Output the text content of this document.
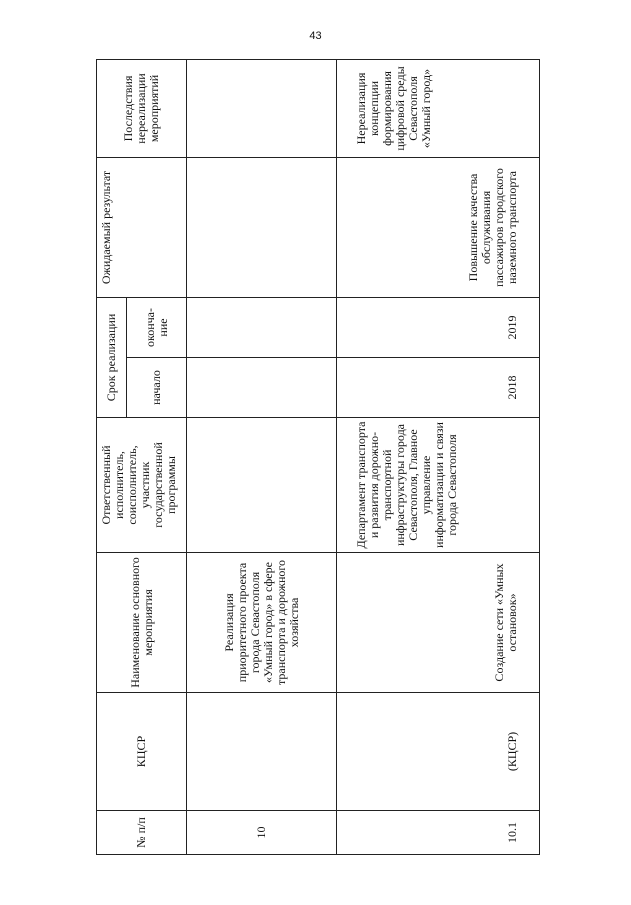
43
№ п/п	КЦСР	Наименование основного мероприятия	Ответственный исполнитель, соисполнитель, участник государственной программы	Срок реализации		Ожидаемый результат	Последствия нереализации мероприятий
				начало	оконча-ние		
10		Реализация приоритетного проекта города Севастополя «Умный город» в сфере транспорта и дорожного хозяйства					
10.1	(КЦСР)	Создание сети «Умных остановок»	Департамент транспорта и развития дорожно-транспортной инфраструктуры города Севастополя, Главное управление информатизации и связи города Севастополя	2018	2019	Повышение качества обслуживания пассажиров городского наземного транспорта	Нереализация концепции формирования цифровой среды Севастополя «Умный город»
